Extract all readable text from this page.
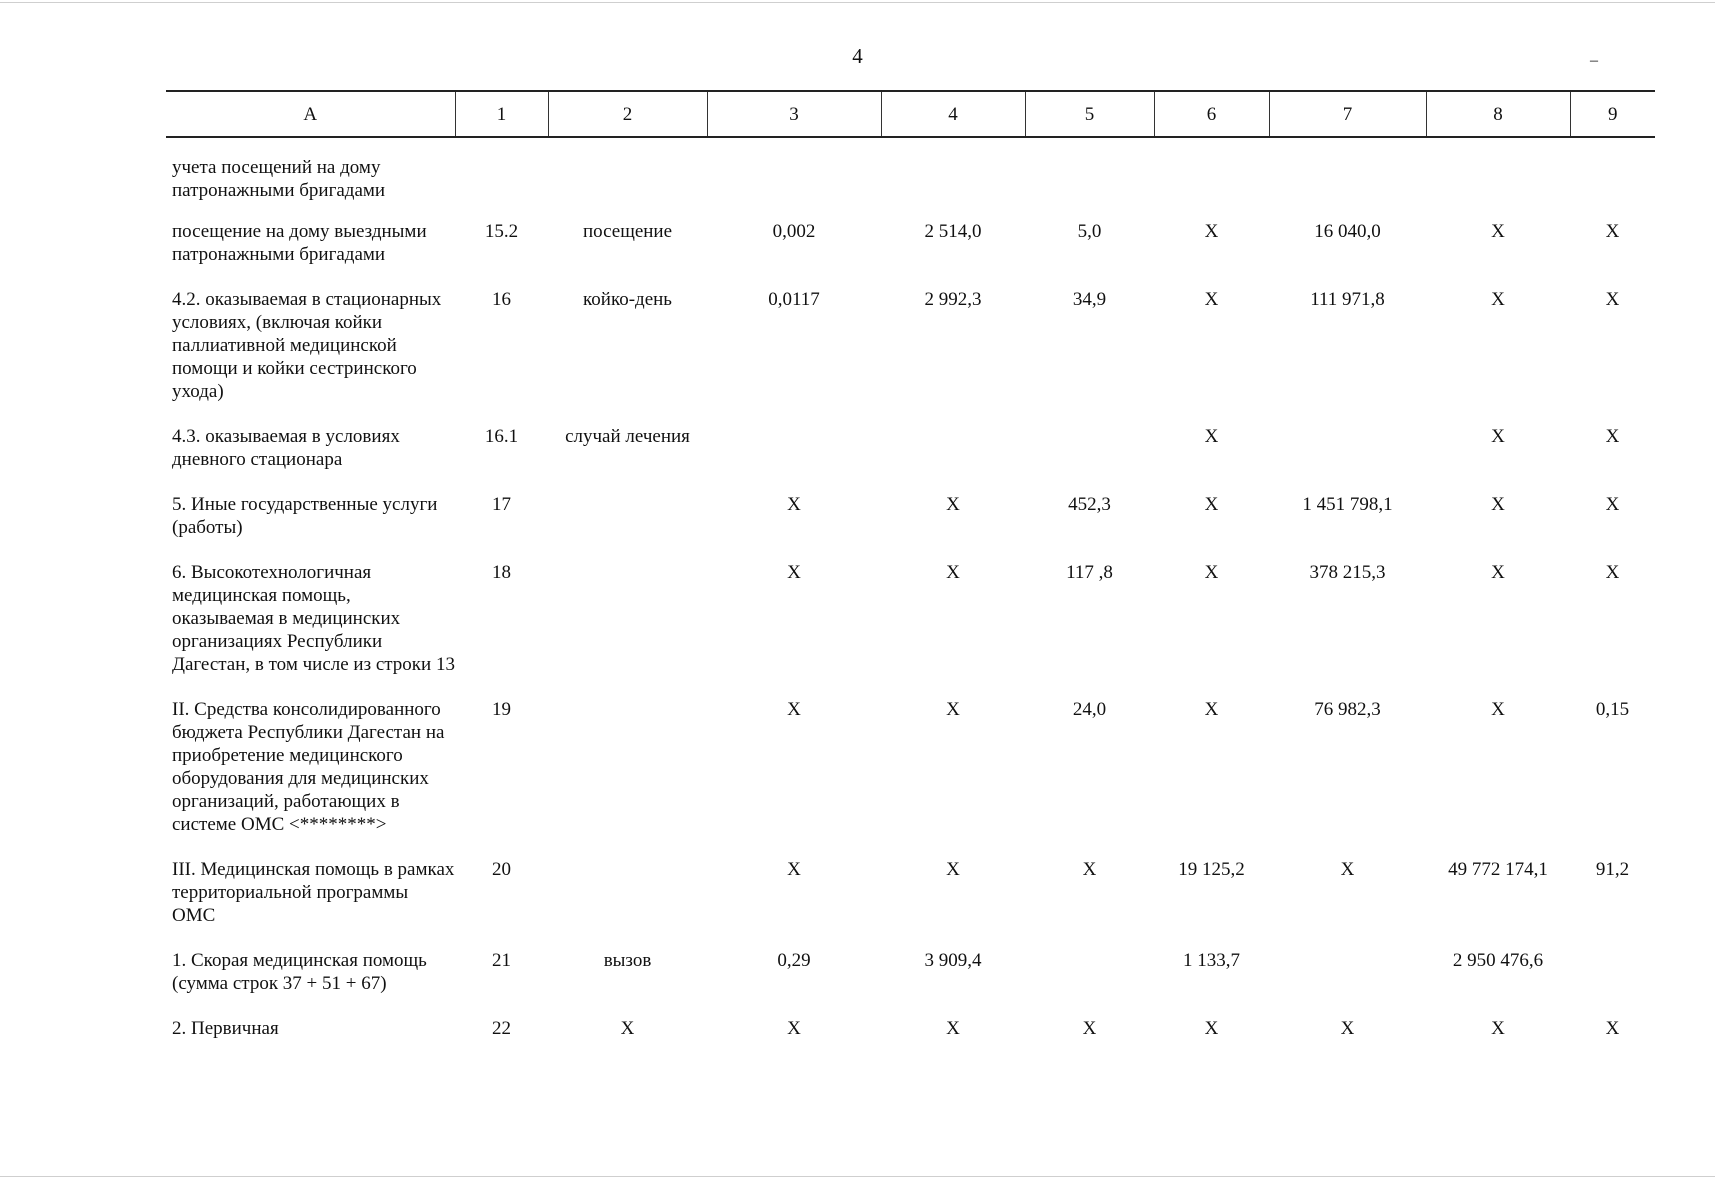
4	–
А	1	2	3	4	5	6	7	8	9
учета посещений на дому патронажными бригадами									
посещение на дому выездными патронажными бригадами	15.2	посещение	0,002	2 514,0	5,0	X	16 040,0	X	X
4.2. оказываемая в стационарных условиях, (включая койки паллиативной медицинской помощи и койки сестринского ухода)	16	койко-день	0,0117	2 992,3	34,9	X	111 971,8	X	X
4.3. оказываемая в условиях дневного стационара	16.1	случай лечения				X		X	X
5. Иные государственные услуги (работы)	17		X	X	452,3	X	1 451 798,1	X	X
6. Высокотехнологичная медицинская помощь, оказываемая в медицинских организациях Республики Дагестан, в том числе из строки 13	18		X	X	117 ,8	X	378 215,3	X	X
II. Средства консолидированного бюджета Республики Дагестан на приобретение медицинского оборудования для медицинских организаций, работающих в системе ОМС <********>	19		X	X	24,0	X	76 982,3	X	0,15
III. Медицинская помощь в рамках территориальной программы ОМС	20		X	X	X	19 125,2	X	49 772 174,1	91,2
1. Скорая медицинская помощь (сумма строк 37 + 51 + 67)	21	вызов	0,29	3 909,4		1 133,7		2 950 476,6	
2. Первичная	22	X	X	X	X	X	X	X	X
